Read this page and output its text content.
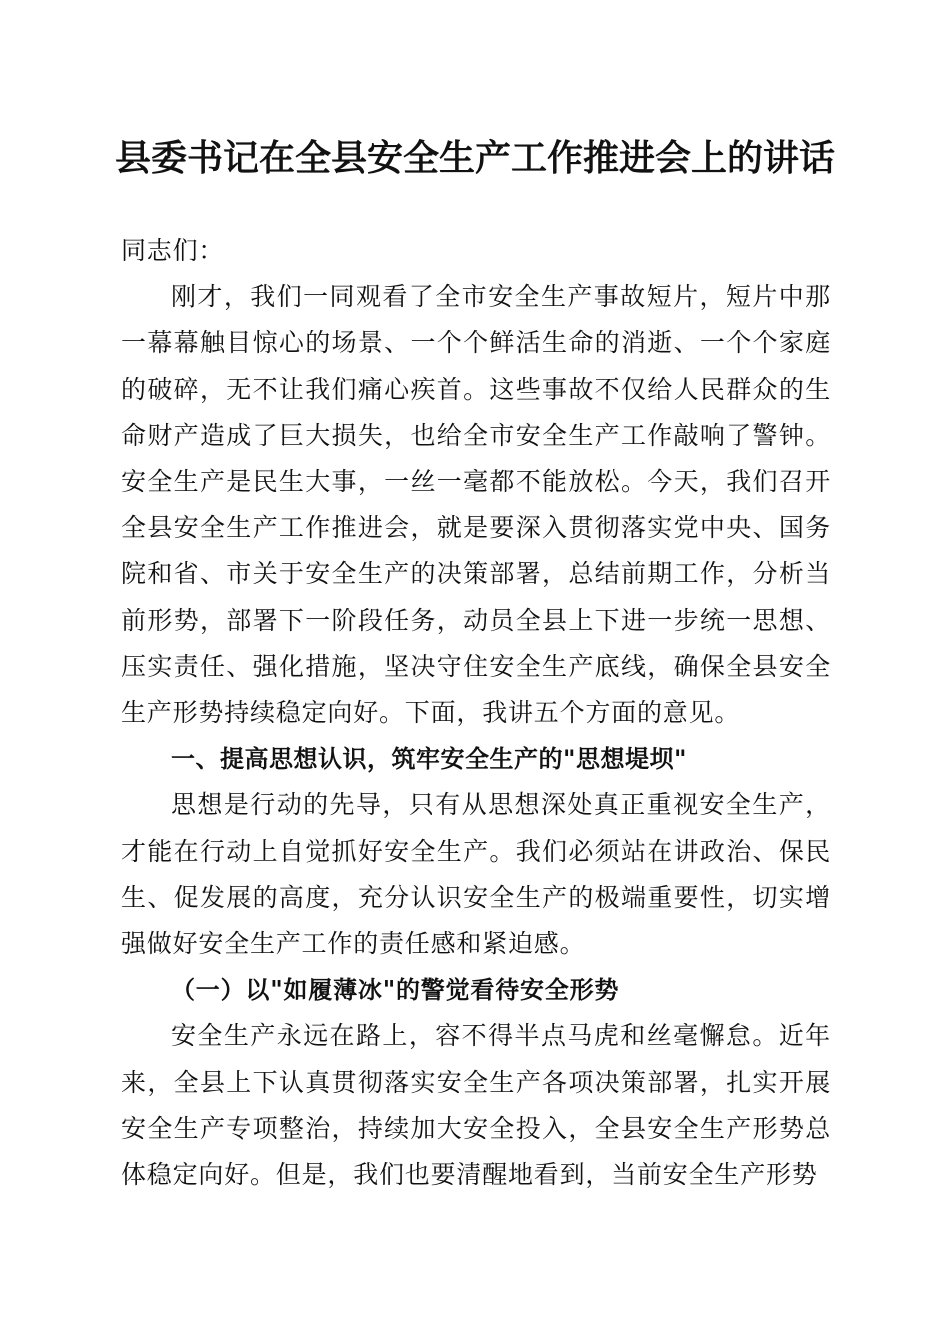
县委书记在全县安全生产工作推进会上的讲话

同志们：

刚才，我们一同观看了全市安全生产事故短片，短片中那一幕幕触目惊心的场景、一个个鲜活生命的消逝、一个个家庭的破碎，无不让我们痛心疾首。这些事故不仅给人民群众的生命财产造成了巨大损失，也给全市安全生产工作敲响了警钟。安全生产是民生大事，一丝一毫都不能放松。今天，我们召开全县安全生产工作推进会，就是要深入贯彻落实党中央、国务院和省、市关于安全生产的决策部署，总结前期工作，分析当前形势，部署下一阶段任务，动员全县上下进一步统一思想、压实责任、强化措施，坚决守住安全生产底线，确保全县安全生产形势持续稳定向好。下面，我讲五个方面的意见。

一、提高思想认识，筑牢安全生产的"思想堤坝"

思想是行动的先导，只有从思想深处真正重视安全生产，才能在行动上自觉抓好安全生产。我们必须站在讲政治、保民生、促发展的高度，充分认识安全生产的极端重要性，切实增强做好安全生产工作的责任感和紧迫感。

（一）以"如履薄冰"的警觉看待安全形势

安全生产永远在路上，容不得半点马虎和丝毫懈怠。近年来，全县上下认真贯彻落实安全生产各项决策部署，扎实开展安全生产专项整治，持续加大安全投入，全县安全生产形势总体稳定向好。但是，我们也要清醒地看到，当前安全生产形势
